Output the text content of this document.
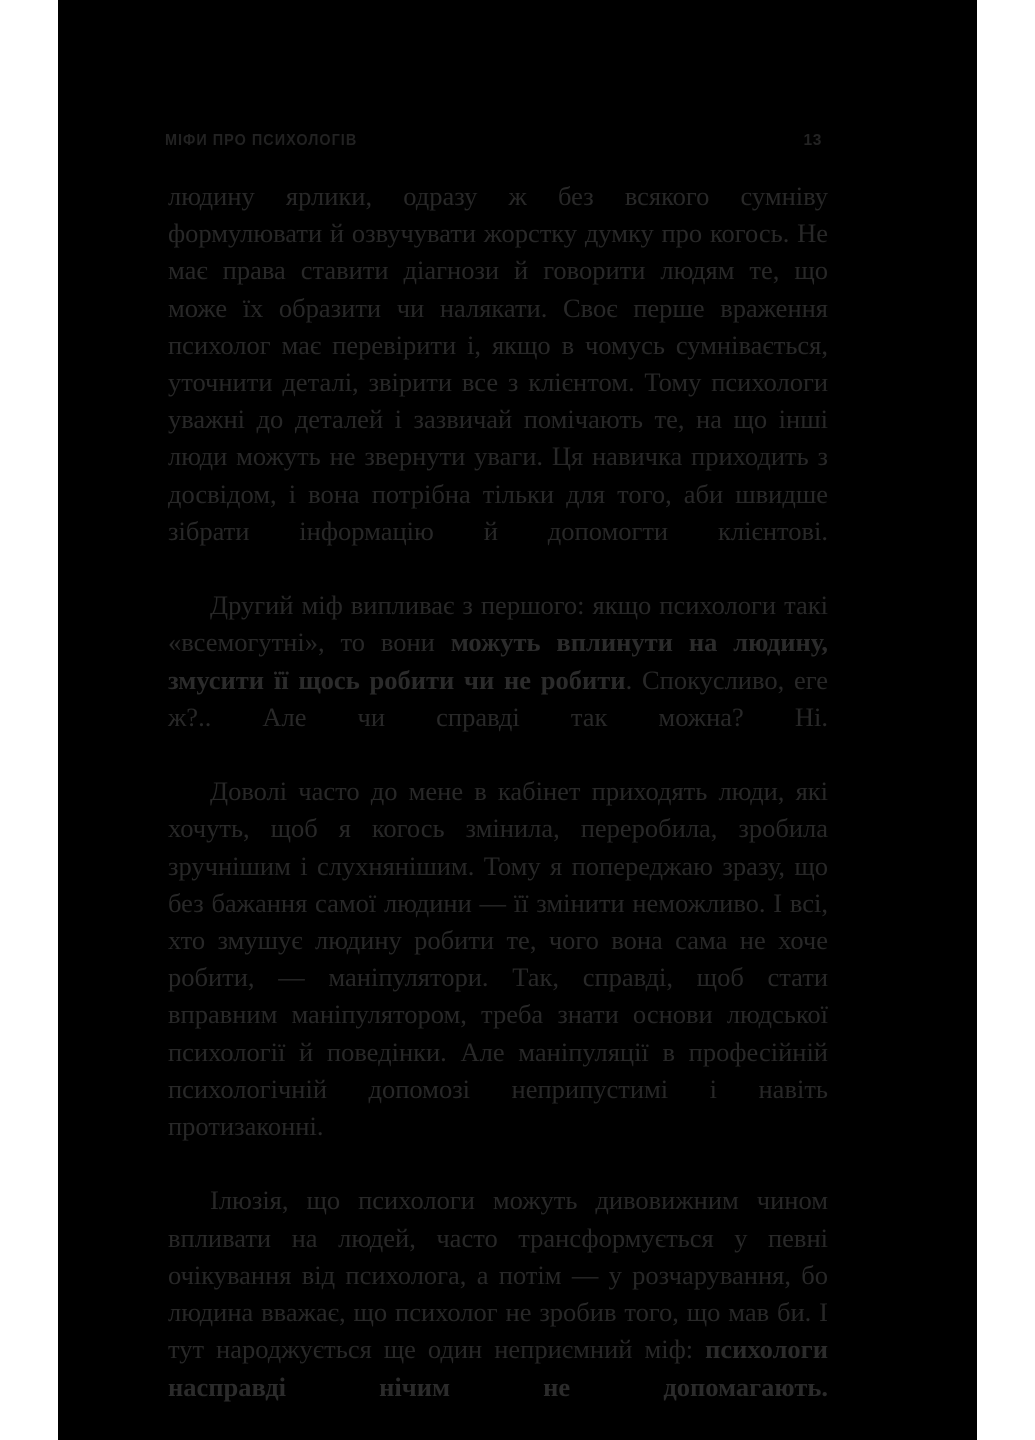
МІФИ ПРО ПСИХОЛОГІВ	13

людину ярлики, одразу ж без всякого сумніву формулювати й озвучувати жорстку думку про когось. Не має права ставити діагнози й говорити людям те, що може їх образити чи налякати. Своє перше враження психолог має перевірити і, якщо в чомусь сумнівається, уточнити деталі, звірити все з клієнтом. Тому психологи уважні до деталей і зазвичай помічають те, на що інші люди можуть не звернути уваги. Ця навичка приходить з досвідом, і вона потрібна тільки для того, аби швидше зібрати інформацію й допомогти клієнтові.

Другий міф випливає з першого: якщо психологи такі «всемогутні», то вони можуть вплинути на людину, змусити її щось робити чи не робити. Спокусливо, еге ж?.. Але чи справді так можна? Ні.

Доволі часто до мене в кабінет приходять люди, які хочуть, щоб я когось змінила, переробила, зробила зручнішим і слухнянішим. Тому я попереджаю зразу, що без бажання самої людини — її змінити неможливо. І всі, хто змушує людину робити те, чого вона сама не хоче робити, — маніпулятори. Так, справді, щоб стати вправним маніпулятором, треба знати основи людської психології й поведінки. Але маніпуляції в професійній психологічній допомозі неприпустимі і навіть протизаконні.

Ілюзія, що психологи можуть дивовижним чином впливати на людей, часто трансформується у певні очікування від психолога, а потім — у розчарування, бо людина вважає, що психолог не зробив того, що мав би. І тут народжується ще один неприємний міф: психологи насправді нічим не допомагають.
